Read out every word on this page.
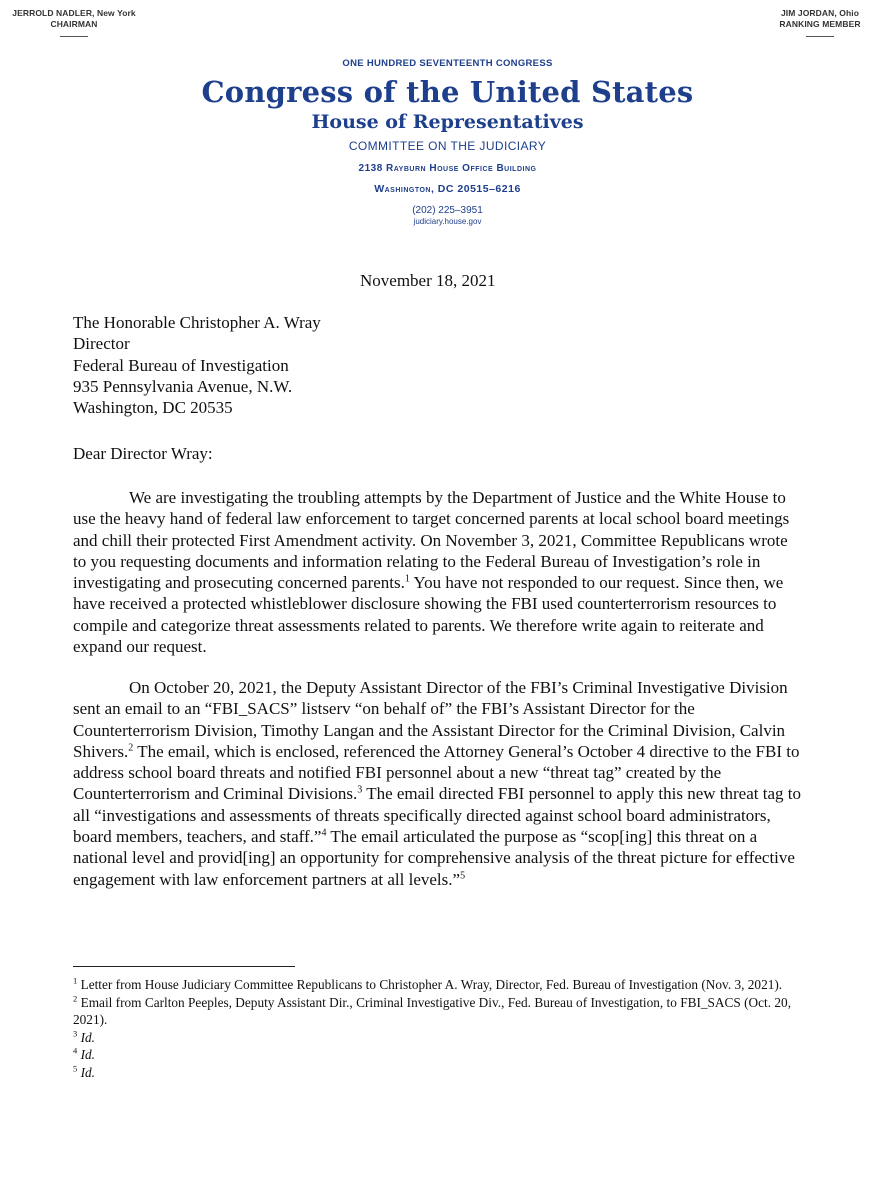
JERROLD NADLER, New York
CHAIRMAN
JIM JORDAN, Ohio
RANKING MEMBER
ONE HUNDRED SEVENTEENTH CONGRESS
Congress of the United States
House of Representatives
COMMITTEE ON THE JUDICIARY
2138 Rayburn House Office Building
Washington, DC 20515–6216
(202) 225–3951
judiciary.house.gov
November 18, 2021
The Honorable Christopher A. Wray
Director
Federal Bureau of Investigation
935 Pennsylvania Avenue, N.W.
Washington, DC 20535
Dear Director Wray:

We are investigating the troubling attempts by the Department of Justice and the White House to use the heavy hand of federal law enforcement to target concerned parents at local school board meetings and chill their protected First Amendment activity. On November 3, 2021, Committee Republicans wrote to you requesting documents and information relating to the Federal Bureau of Investigation’s role in investigating and prosecuting concerned parents.$^1$ You have not responded to our request. Since then, we have received a protected whistleblower disclosure showing the FBI used counterterrorism resources to compile and categorize threat assessments related to parents. We therefore write again to reiterate and expand our request.

On October 20, 2021, the Deputy Assistant Director of the FBI’s Criminal Investigative Division sent an email to an “FBI_SACS” listserv “on behalf of” the FBI’s Assistant Director for the Counterterrorism Division, Timothy Langan and the Assistant Director for the Criminal Division, Calvin Shivers.$^2$ The email, which is enclosed, referenced the Attorney General’s October 4 directive to the FBI to address school board threats and notified FBI personnel about a new “threat tag” created by the Counterterrorism and Criminal Divisions.$^3$ The email directed FBI personnel to apply this new threat tag to all “investigations and assessments of threats specifically directed against school board administrators, board members, teachers, and staff.”$^4$ The email articulated the purpose as “scop[ing] this threat on a national level and provid[ing] an opportunity for comprehensive analysis of the threat picture for effective engagement with law enforcement partners at all levels.”$^5$

$^1$ Letter from House Judiciary Committee Republicans to Christopher A. Wray, Director, Fed. Bureau of Investigation (Nov. 3, 2021).
$^2$ Email from Carlton Peeples, Deputy Assistant Dir., Criminal Investigative Div., Fed. Bureau of Investigation, to FBI_SACS (Oct. 20, 2021).
$^3$ Id.
$^4$ Id.
$^5$ Id.
